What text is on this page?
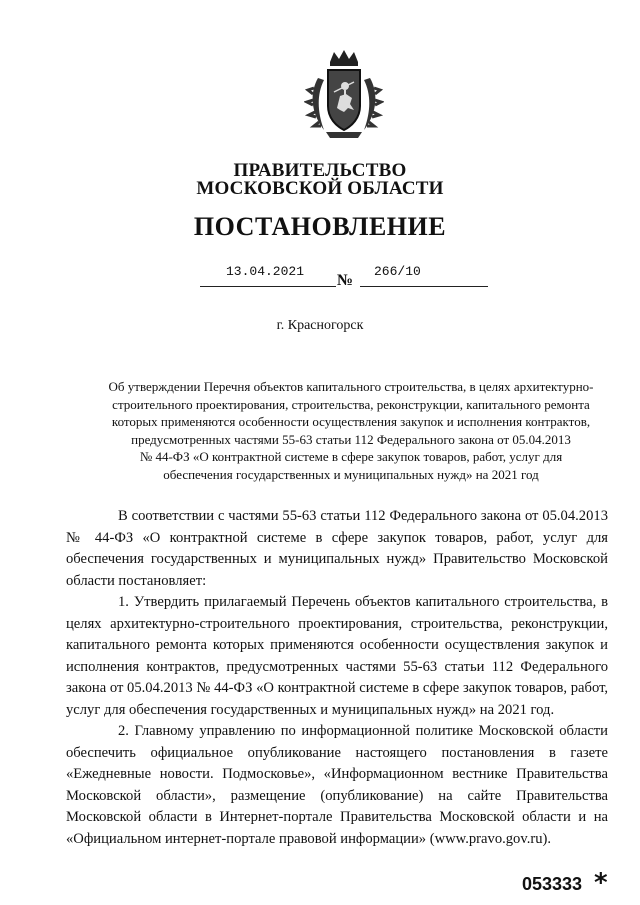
ПРАВИТЕЛЬСТВО
МОСКОВСКОЙ ОБЛАСТИ
ПОСТАНОВЛЕНИЕ
13.04.2021
№
266/10
г. Красногорск
Об утверждении Перечня объектов капитального строительства, в целях архитектурно-
строительного проектирования, строительства, реконструкции, капитального ремонта
которых применяются особенности осуществления закупок и исполнения контрактов,
предусмотренных частями 55-63 статьи 112 Федерального закона от 05.04.2013
№ 44-ФЗ «О контрактной системе в сфере закупок товаров, работ, услуг для
обеспечения государственных и муниципальных нужд» на 2021 год

В соответствии с частями 55-63 статьи 112 Федерального закона от 05.04.2013 № 44-ФЗ «О контрактной системе в сфере закупок товаров, работ, услуг для обеспечения государственных и муниципальных нужд» Правительство Московской области постановляет:

1. Утвердить прилагаемый Перечень объектов капитального строительства, в целях архитектурно-строительного проектирования, строительства, реконструкции, капитального ремонта которых применяются особенности осуществления закупок и исполнения контрактов, предусмотренных частями 55-63 статьи 112 Федерального закона от 05.04.2013 № 44-ФЗ «О контрактной системе в сфере закупок товаров, работ, услуг для обеспечения государственных и муниципальных нужд» на 2021 год.

2. Главному управлению по информационной политике Московской области обеспечить официальное опубликование настоящего постановления в газете «Ежедневные новости. Подмосковье», «Информационном вестнике Правительства Московской области», размещение (опубликование) на сайте Правительства Московской области в Интернет-портале Правительства Московской области и на «Официальном интернет-портале правовой информации» (www.pravo.gov.ru).

053333 *
